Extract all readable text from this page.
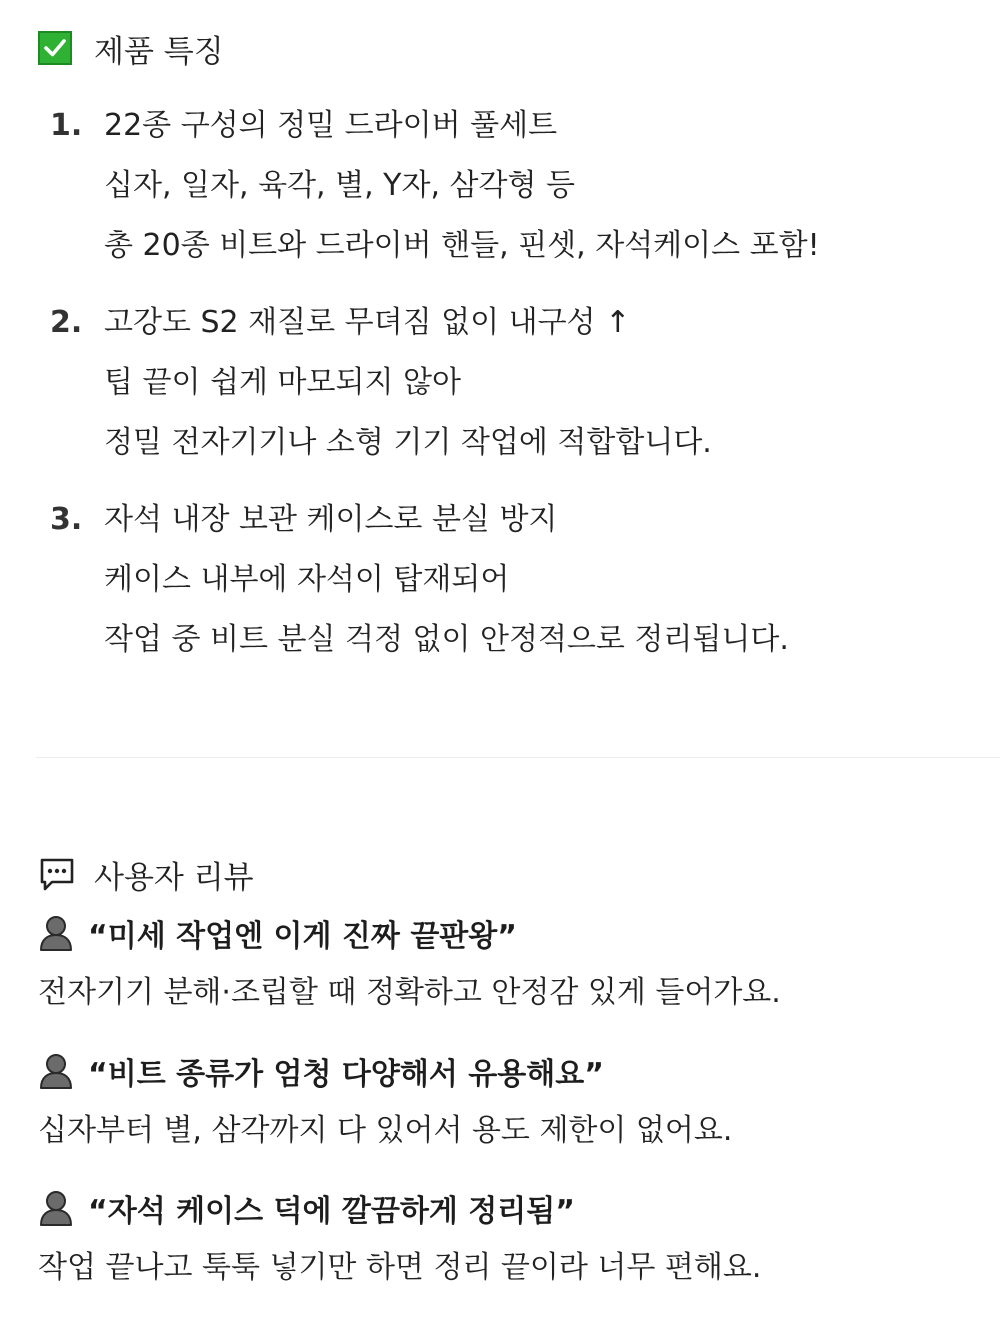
제품 특징
1. 22종 구성의 정밀 드라이버 풀세트
십자, 일자, 육각, 별, Y자, 삼각형 등
총 20종 비트와 드라이버 핸들, 핀셋, 자석케이스 포함!
2. 고강도 S2 재질로 무뎌짐 없이 내구성 ↑
팁 끝이 쉽게 마모되지 않아
정밀 전자기기나 소형 기기 작업에 적합합니다.
3. 자석 내장 보관 케이스로 분실 방지
케이스 내부에 자석이 탑재되어
작업 중 비트 분실 걱정 없이 안정적으로 정리됩니다.
사용자 리뷰
“미세 작업엔 이게 진짜 끝판왕”
전자기기 분해·조립할 때 정확하고 안정감 있게 들어가요.
“비트 종류가 엄청 다양해서 유용해요”
십자부터 별, 삼각까지 다 있어서 용도 제한이 없어요.
“자석 케이스 덕에 깔끔하게 정리됨”
작업 끝나고 툭툭 넣기만 하면 정리 끝이라 너무 편해요.
